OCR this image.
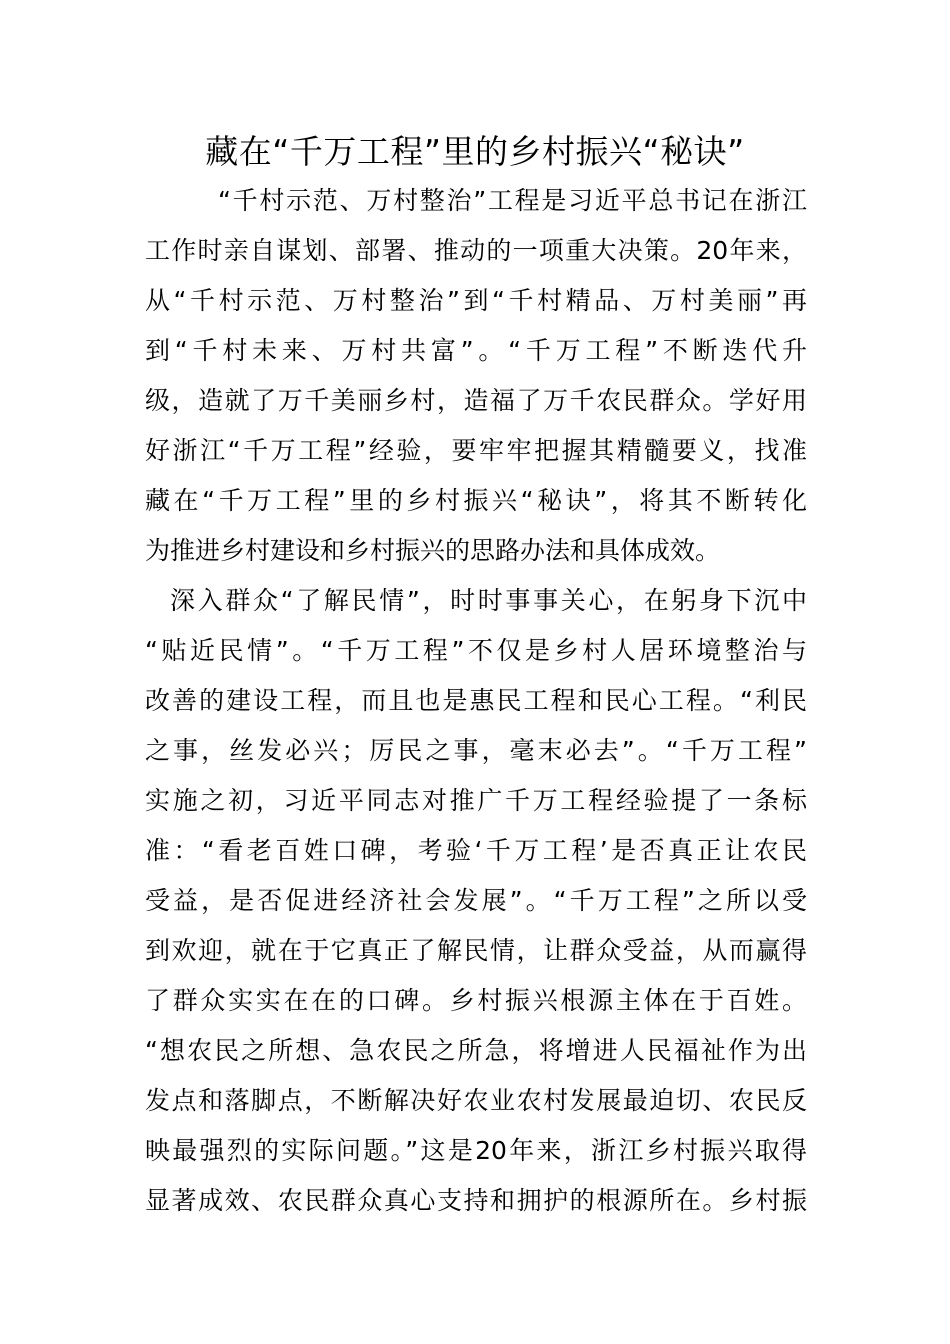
藏在“千万工程”里的乡村振兴“秘诀”
“千村示范、万村整治”工程是习近平总书记在浙江
工作时亲自谋划、部署、推动的一项重大决策。20年来，
从“千村示范、万村整治”到“千村精品、万村美丽”再
到“千村未来、万村共富”。“千万工程”不断迭代升
级，造就了万千美丽乡村，造福了万千农民群众。学好用
好浙江“千万工程”经验，要牢牢把握其精髓要义，找准
藏在“千万工程”里的乡村振兴“秘诀”，将其不断转化
为推进乡村建设和乡村振兴的思路办法和具体成效。
深入群众“了解民情”，时时事事关心，在躬身下沉中
“贴近民情”。“千万工程”不仅是乡村人居环境整治与
改善的建设工程，而且也是惠民工程和民心工程。“利民
之事，丝发必兴；厉民之事，毫末必去”。“千万工程”
实施之初，习近平同志对推广千万工程经验提了一条标
准：“看老百姓口碑，考验‘千万工程’是否真正让农民
受益，是否促进经济社会发展”。“千万工程”之所以受
到欢迎，就在于它真正了解民情，让群众受益，从而赢得
了群众实实在在的口碑。乡村振兴根源主体在于百姓。
“想农民之所想、急农民之所急，将增进人民福祉作为出
发点和落脚点，不断解决好农业农村发展最迫切、农民反
映最强烈的实际问题。”这是20年来，浙江乡村振兴取得
显著成效、农民群众真心支持和拥护的根源所在。乡村振
